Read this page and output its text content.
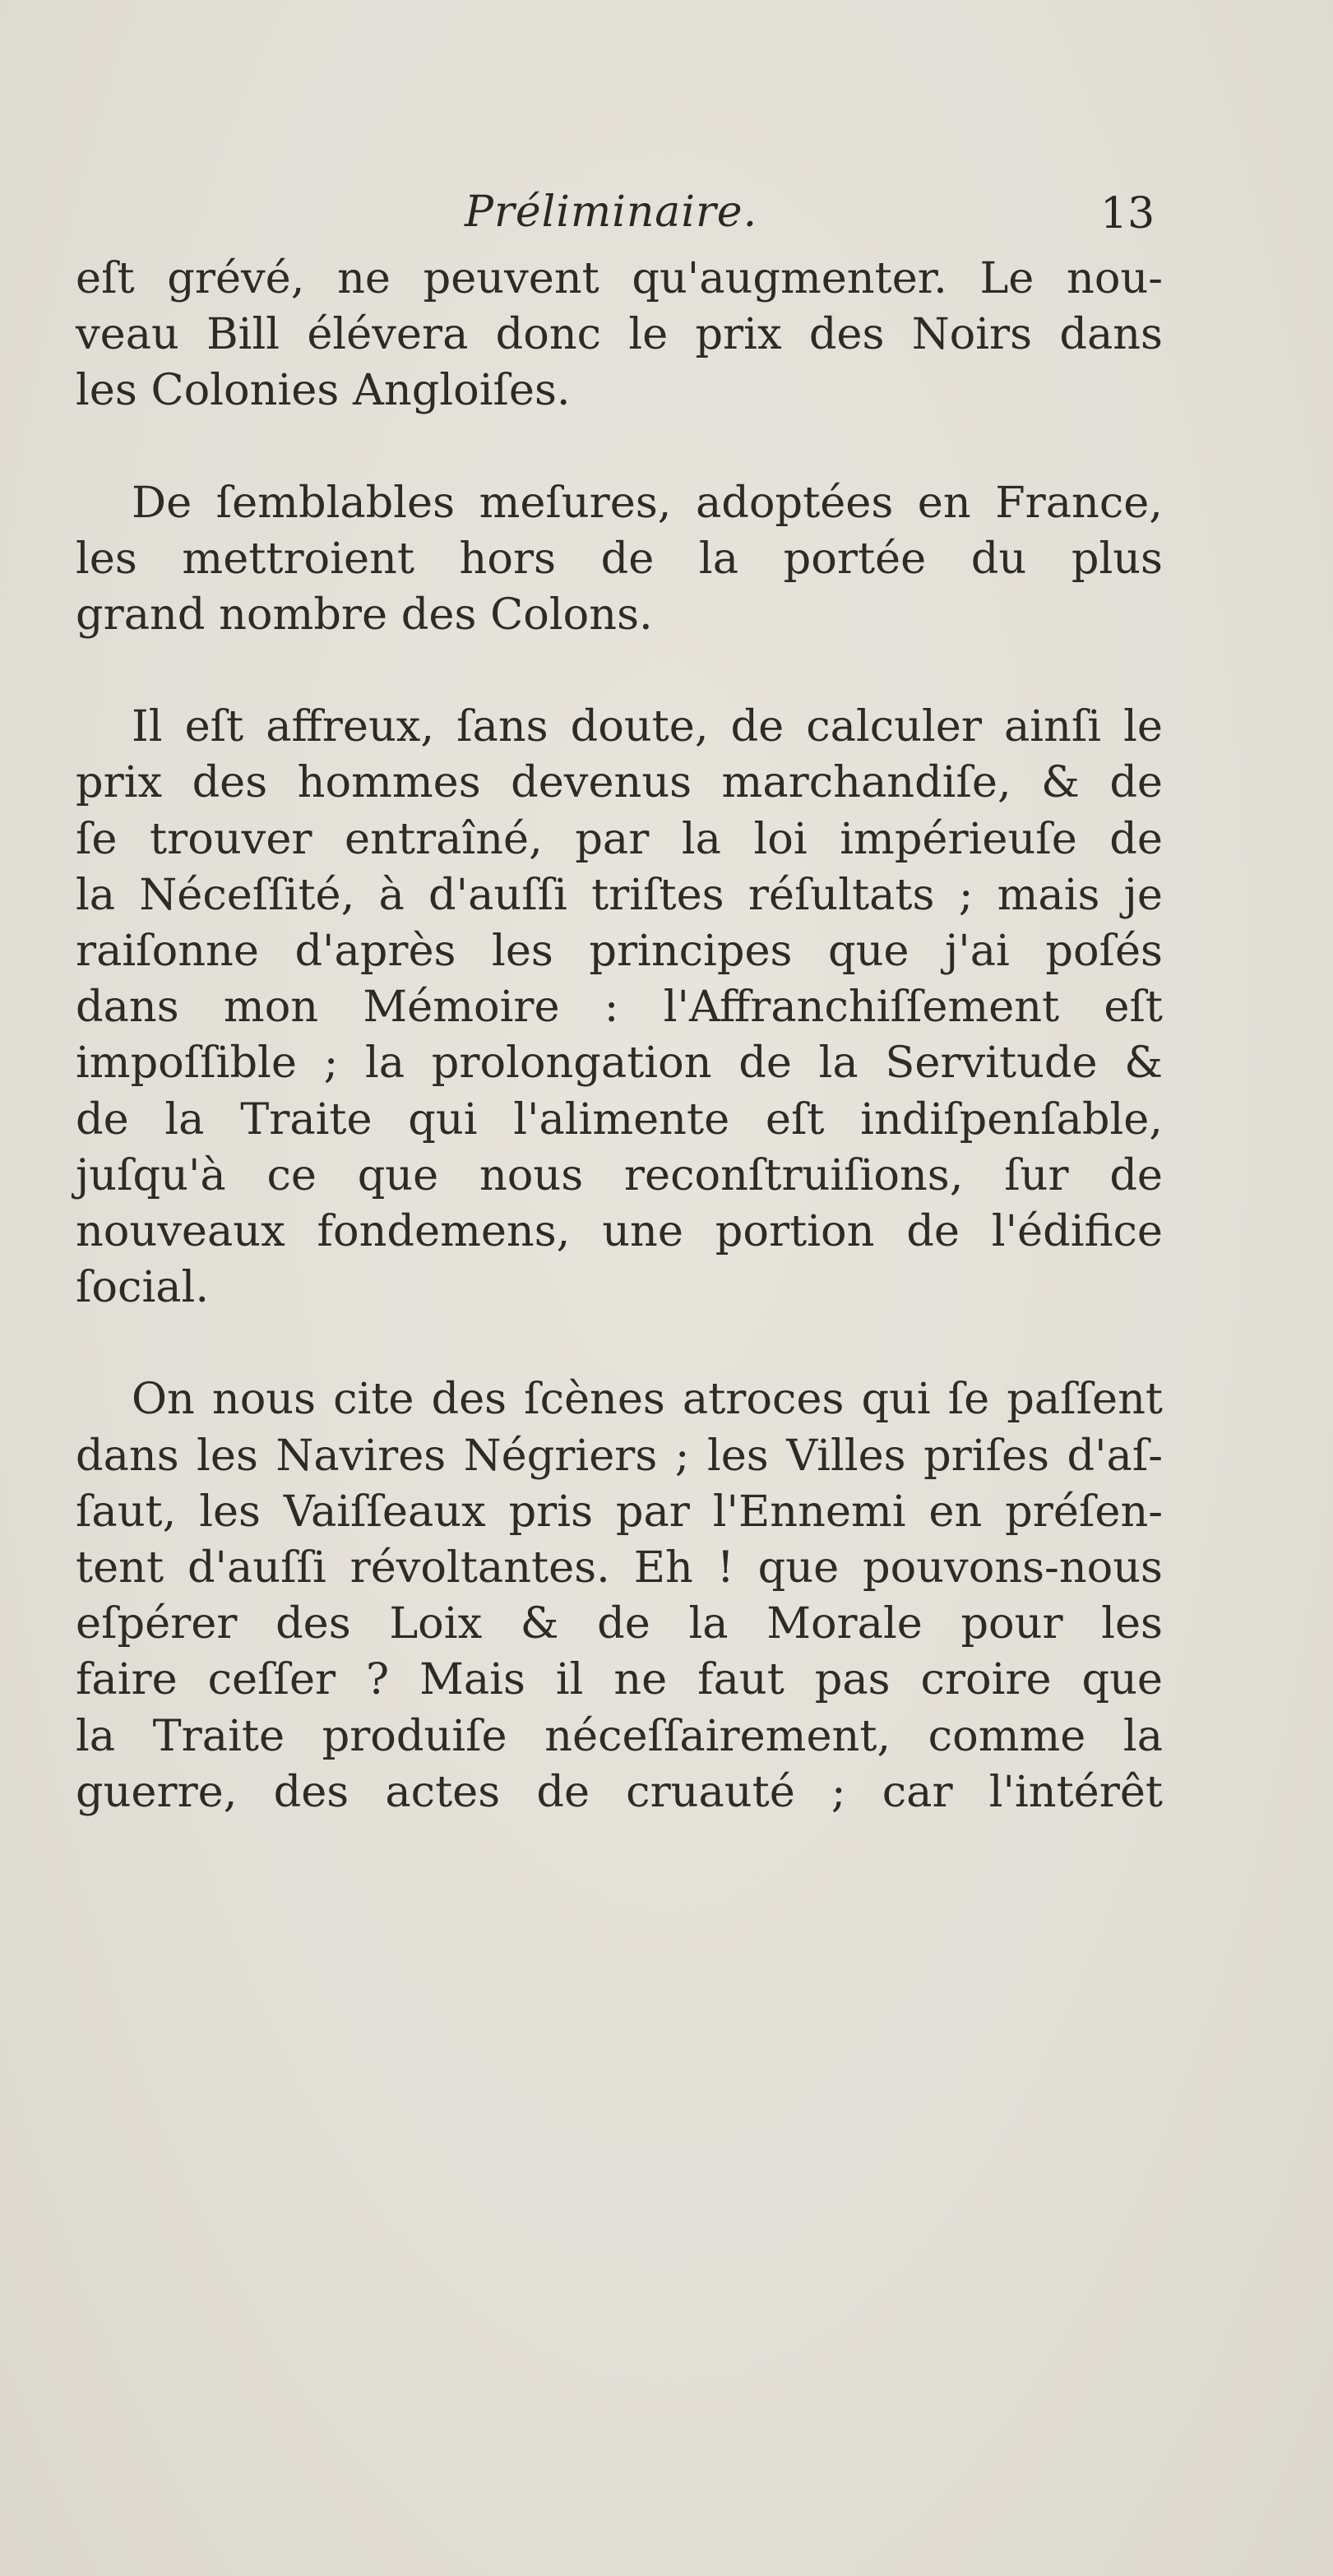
Préliminaire.	13

eſt grévé, ne peuvent qu'augmenter. Le nou-
veau Bill élévera donc le prix des Noirs dans
les Colonies Angloiſes.

De ſemblables meſures, adoptées en France,
les mettroient hors de la portée du plus
grand nombre des Colons.

Il eſt affreux, ſans doute, de calculer ainſi le
prix des hommes devenus marchandiſe, & de
ſe trouver entraîné, par la loi impérieuſe de
la Néceſſité, à d'auſſi triſtes réſultats ; mais je
raiſonne d'après les principes que j'ai poſés
dans mon Mémoire : l'Affranchiſſement eſt
impoſſible ; la prolongation de la Servitude &
de la Traite qui l'alimente eſt indiſpenſable,
juſqu'à ce que nous reconſtruiſions, ſur de
nouveaux fondemens, une portion de l'édifice
ſocial.

On nous cite des ſcènes atroces qui ſe paſſent
dans les Navires Négriers ; les Villes priſes d'aſ-
ſaut, les Vaiſſeaux pris par l'Ennemi en préſen-
tent d'auſſi révoltantes. Eh ! que pouvons-nous
eſpérer des Loix & de la Morale pour les
faire ceſſer ? Mais il ne faut pas croire que
la Traite produiſe néceſſairement, comme la
guerre, des actes de cruauté ; car l'intérêt
